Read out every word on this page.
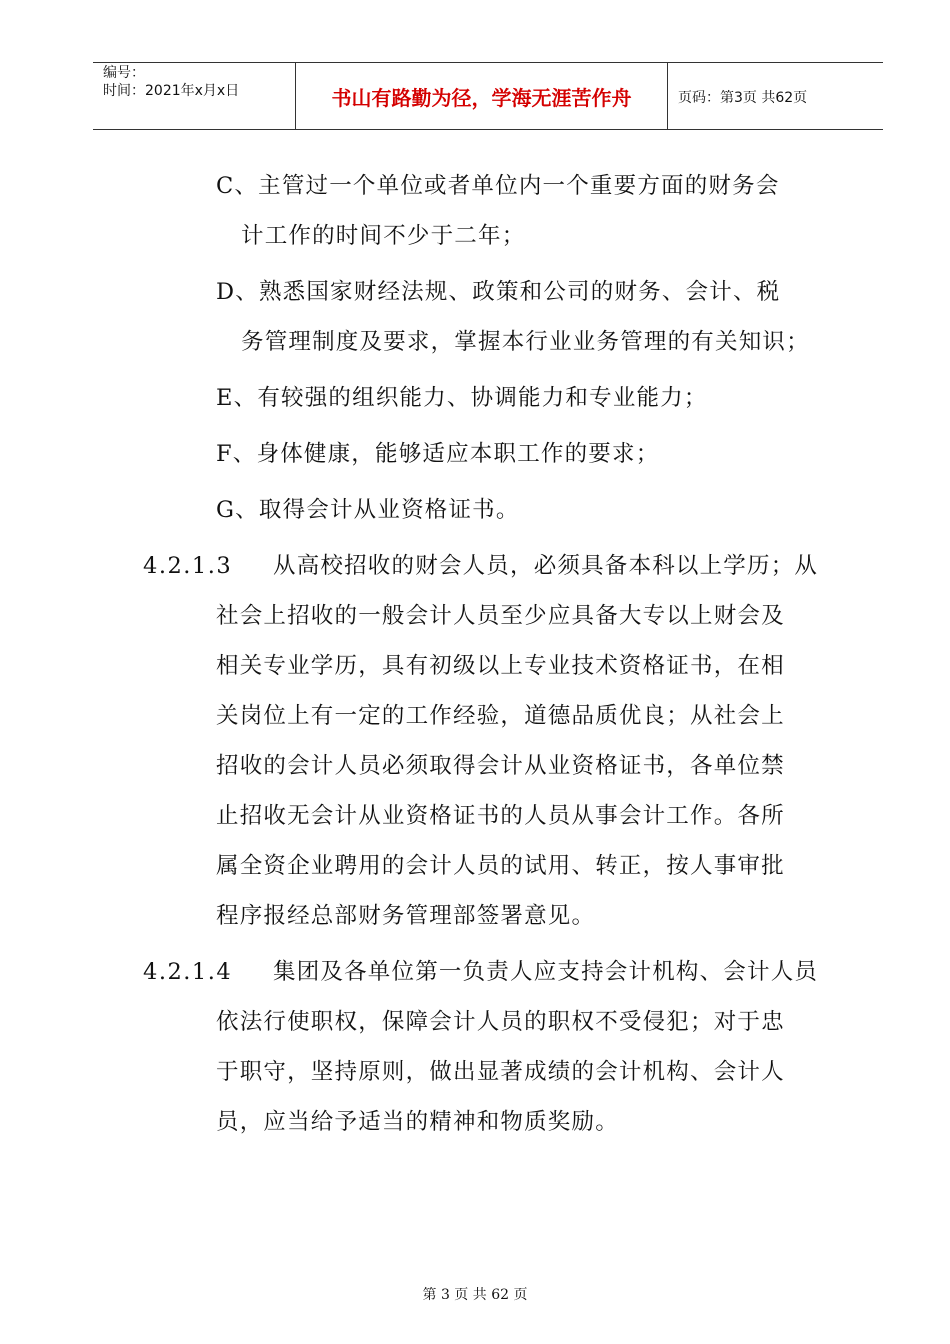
编号：
时间：2021年x月x日	书山有路勤为径，学海无涯苦作舟	页码：第3页 共62页
C、主管过一个单位或者单位内一个重要方面的财务会
计工作的时间不少于二年；
D、熟悉国家财经法规、政策和公司的财务、会计、税
务管理制度及要求，掌握本行业业务管理的有关知识；
E、有较强的组织能力、协调能力和专业能力；
F、身体健康，能够适应本职工作的要求；
G、取得会计从业资格证书。
4.2.1.3 从高校招收的财会人员，必须具备本科以上学历；从
社会上招收的一般会计人员至少应具备大专以上财会及
相关专业学历，具有初级以上专业技术资格证书，在相
关岗位上有一定的工作经验，道德品质优良；从社会上
招收的会计人员必须取得会计从业资格证书，各单位禁
止招收无会计从业资格证书的人员从事会计工作。各所
属全资企业聘用的会计人员的试用、转正，按人事审批
程序报经总部财务管理部签署意见。
4.2.1.4 集团及各单位第一负责人应支持会计机构、会计人员
依法行使职权，保障会计人员的职权不受侵犯；对于忠
于职守，坚持原则，做出显著成绩的会计机构、会计人
员，应当给予适当的精神和物质奖励。
第 3 页 共 62 页
